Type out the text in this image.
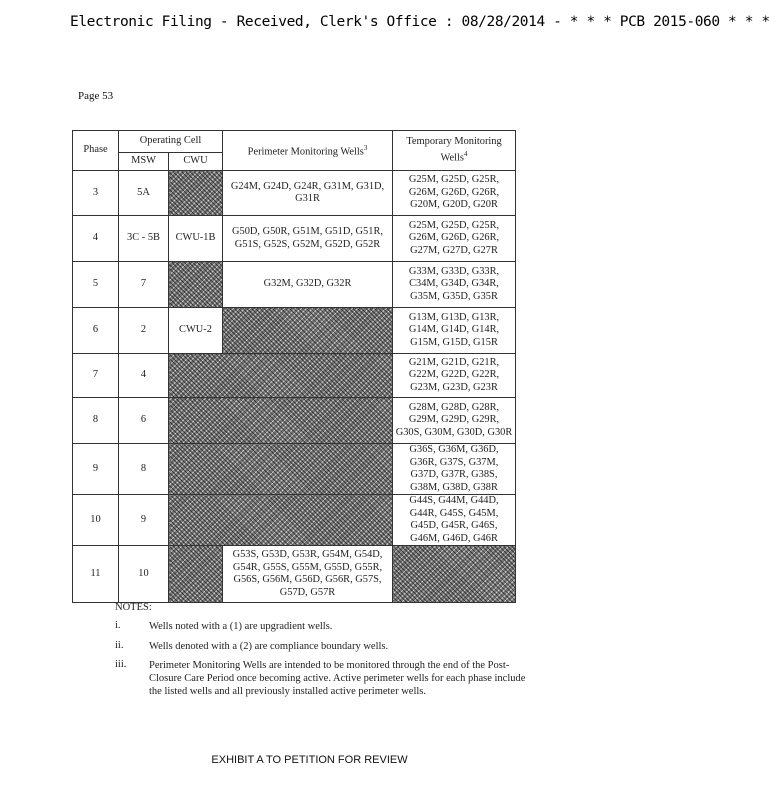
Electronic Filing - Received, Clerk's Office : 08/28/2014 - * * * PCB 2015-060 * * *
Page 53
Phase	Operating Cell		Perimeter Monitoring Wells$^3$	Temporary Monitoring Wells$^4$
	MSW	CWU		
3	5A		G24M, G24D, G24R, G31M, G31D, G31R	G25M, G25D, G25R, G26M, G26D, G26R, G20M, G20D, G20R
4	3C - 5B	CWU-1B	G50D, G50R, G51M, G51D, G51R, G51S, G52S, G52M, G52D, G52R	G25M, G25D, G25R, G26M, G26D, G26R, G27M, G27D, G27R
5	7		G32M, G32D, G32R	G33M, G33D, G33R, C34M, G34D, G34R, G35M, G35D, G35R
6	2	CWU-2		G13M, G13D, G13R, G14M, G14D, G14R, G15M, G15D, G15R
7	4			G21M, G21D, G21R, G22M, G22D, G22R, G23M, G23D, G23R
8	6			G28M, G28D, G28R, G29M, G29D, G29R, G30S, G30M, G30D, G30R
9	8			G36S, G36M, G36D, G36R, G37S, G37M, G37D, G37R, G38S, G38M, G38D, G38R
10	9			G44S, G44M, G44D, G44R, G45S, G45M, G45D, G45R, G46S, G46M, G46D, G46R
11	10		G53S, G53D, G53R, G54M, G54D, G54R, G55S, G55M, G55D, G55R, G56S, G56M, G56D, G56R, G57S, G57D, G57R	
NOTES:
i.	Wells noted with a (1) are upgradient wells.
ii. Wells denoted with a (2) are compliance boundary wells.
iii. Perimeter Monitoring Wells are intended to be monitored through the end of the Post-Closure Care Period once becoming active. Active perimeter wells for each phase include the listed wells and all previously installed active perimeter wells.
EXHIBIT A TO PETITION FOR REVIEW
